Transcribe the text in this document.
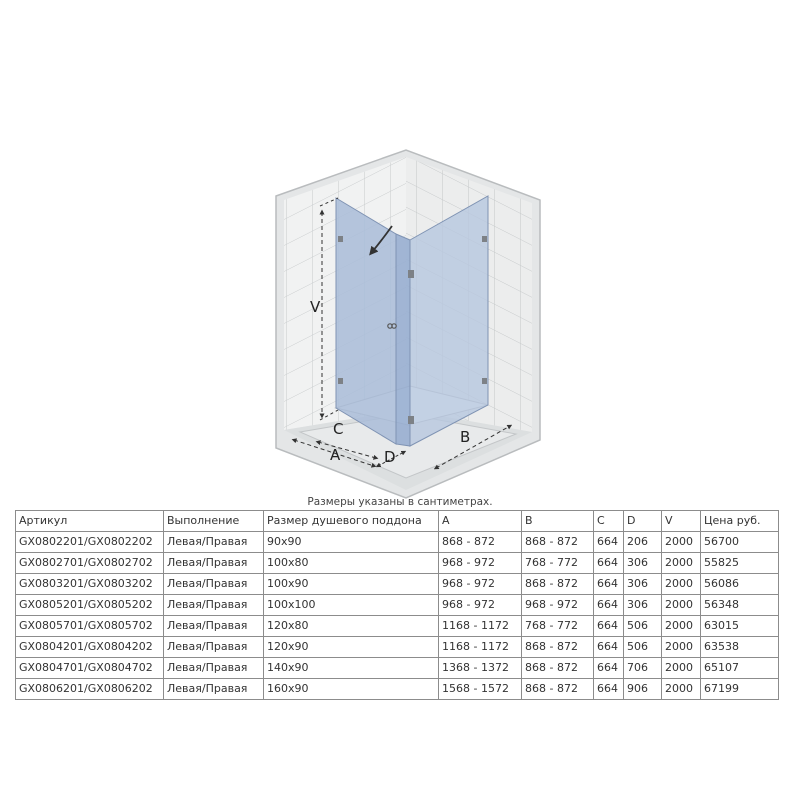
V
C
A	D
B
Размеры указаны в сантиметрах.
Артикул	Выполнение	Размер душевого поддона	A	B	C	D	V	Цена руб.
GX0802201/GX0802202	Левая/Правая	90x90	868 - 872	868 - 872	664	206	2000	56700
GX0802701/GX0802702	Левая/Правая	100x80	968 - 972	768 - 772	664	306	2000	55825
GX0803201/GX0803202	Левая/Правая	100x90	968 - 972	868 - 872	664	306	2000	56086
GX0805201/GX0805202	Левая/Правая	100x100	968 - 972	968 - 972	664	306	2000	56348
GX0805701/GX0805702	Левая/Правая	120x80	1168 - 1172	768 - 772	664	506	2000	63015
GX0804201/GX0804202	Левая/Правая	120x90	1168 - 1172	868 - 872	664	506	2000	63538
GX0804701/GX0804702	Левая/Правая	140x90	1368 - 1372	868 - 872	664	706	2000	65107
GX0806201/GX0806202	Левая/Правая	160x90	1568 - 1572	868 - 872	664	906	2000	67199
